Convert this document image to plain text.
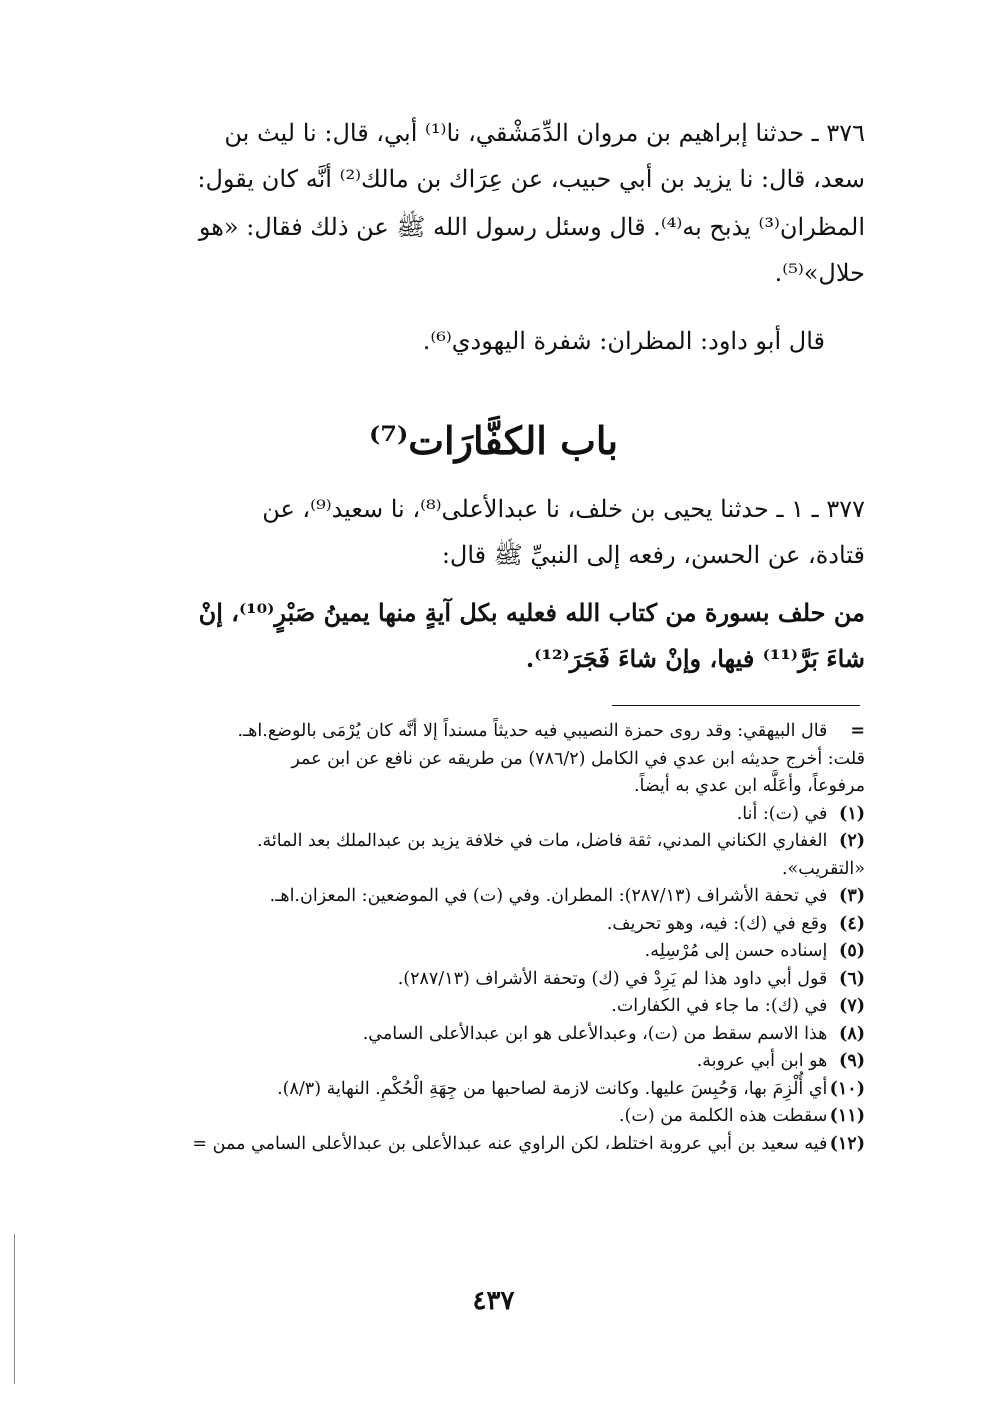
٣٧٦ ـ حدثنا إبراهيم بن مروان الدِّمَشْقي، نا⁽¹⁾ أبي، قال: نا ليث بن
سعد، قال: نا يزيد بن أبي حبيب، عن عِرَاك بن مالك⁽²⁾ أنَّه كان يقول:
المظران⁽³⁾ يذبح به⁽⁴⁾. قال وسئل رسول الله ﷺ عن ذلك فقال: «هو
حلال»⁽⁵⁾.
قال أبو داود: المظران: شفرة اليهودي⁽⁶⁾.
باب الكفَّارَات⁽⁷⁾
٣٧٧ ـ ١ ـ حدثنا يحيى بن خلف، نا عبدالأعلى⁽⁸⁾، نا سعيد⁽⁹⁾، عن
قتادة، عن الحسن، رفعه إلى النبيِّ ﷺ قال:
من حلف بسورة من كتاب الله فعليه بكل آيةٍ منها يمينُ صَبْرٍ⁽¹⁰⁾، إنْ
شاءَ بَرَّ⁽¹¹⁾ فيها، وإنْ شاءَ فَجَرَ⁽¹²⁾.
= قال البيهقي: وقد روى حمزة النصيبي فيه حديثاً مسنداً إلا أنَّه كان يُرْمَى بالوضع.اهـ.
قلت: أخرج حديثه ابن عدي في الكامل (٧٨٦/٢) من طريقه عن نافع عن ابن عمر
مرفوعاً، وأعَلَّه ابن عدي به أيضاً.
(١) في (ت): أنا.
(٢) الغفاري الكناني المدني، ثقة فاضل، مات في خلافة يزيد بن عبدالملك بعد المائة.
«التقريب».
(٣) في تحفة الأشراف (٢٨٧/١٣): المطران. وفي (ت) في الموضعين: المعزان.اهـ.
(٤) وقع في (ك): فيه، وهو تحريف.
(٥) إسناده حسن إلى مُرْسِلِه.
(٦) قول أبي داود هذا لم يَرِدْ في (ك) وتحفة الأشراف (٢٨٧/١٣).
(٧) في (ك): ما جاء في الكفارات.
(٨) هذا الاسم سقط من (ت)، وعبدالأعلى هو ابن عبدالأعلى السامي.
(٩) هو ابن أبي عروبة.
(١٠) أي أُلْزِمَ بها، وَحُبِسَ عليها. وكانت لازمة لصاحبها من جِهَةِ الْحُكْمِ. النهاية (٨/٣).
(١١) سقطت هذه الكلمة من (ت).
(١٢) فيه سعيد بن أبي عروبة اختلط، لكن الراوي عنه عبدالأعلى بن عبدالأعلى السامي ممن =
٤٣٧
